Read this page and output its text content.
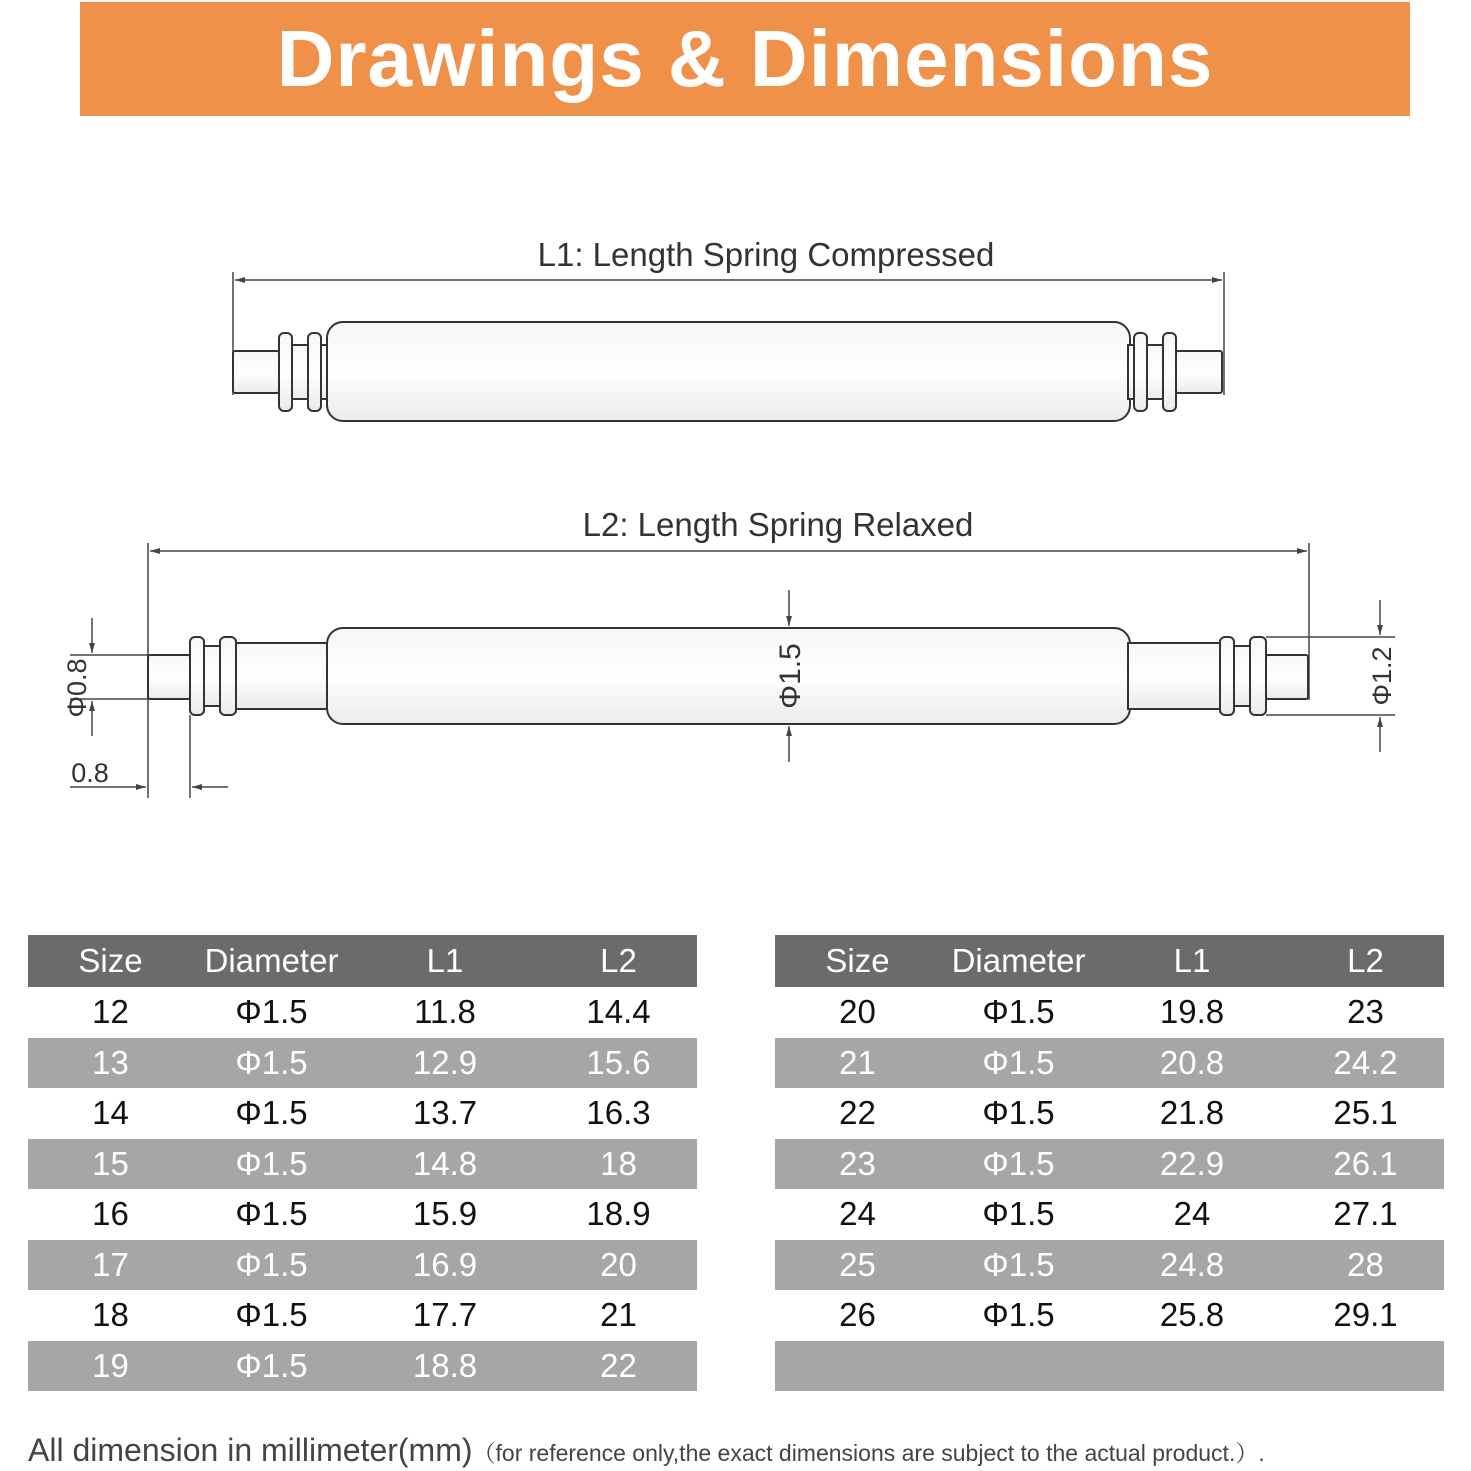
Drawings & Dimensions
L1: Length Spring Compressed
L2: Length Spring Relaxed
Φ0.8
0.8
Φ1.5	Φ1.2
Size	Diameter	L1	L2
12	Φ1.5	11.8	14.4
13	Φ1.5	12.9	15.6
14	Φ1.5	13.7	16.3
15	Φ1.5	14.8	18
16	Φ1.5	15.9	18.9
17	Φ1.5	16.9	20
18	Φ1.5	17.7	21
19	Φ1.5	18.8	22
Size	Diameter	L1	L2
20	Φ1.5	19.8	23
21	Φ1.5	20.8	24.2
22	Φ1.5	21.8	25.1
23	Φ1.5	22.9	26.1
24	Φ1.5	24	27.1
25	Φ1.5	24.8	28
26	Φ1.5	25.8	29.1

All dimension in millimeter(mm)（for reference only,the exact dimensions are subject to the actual product.）.
